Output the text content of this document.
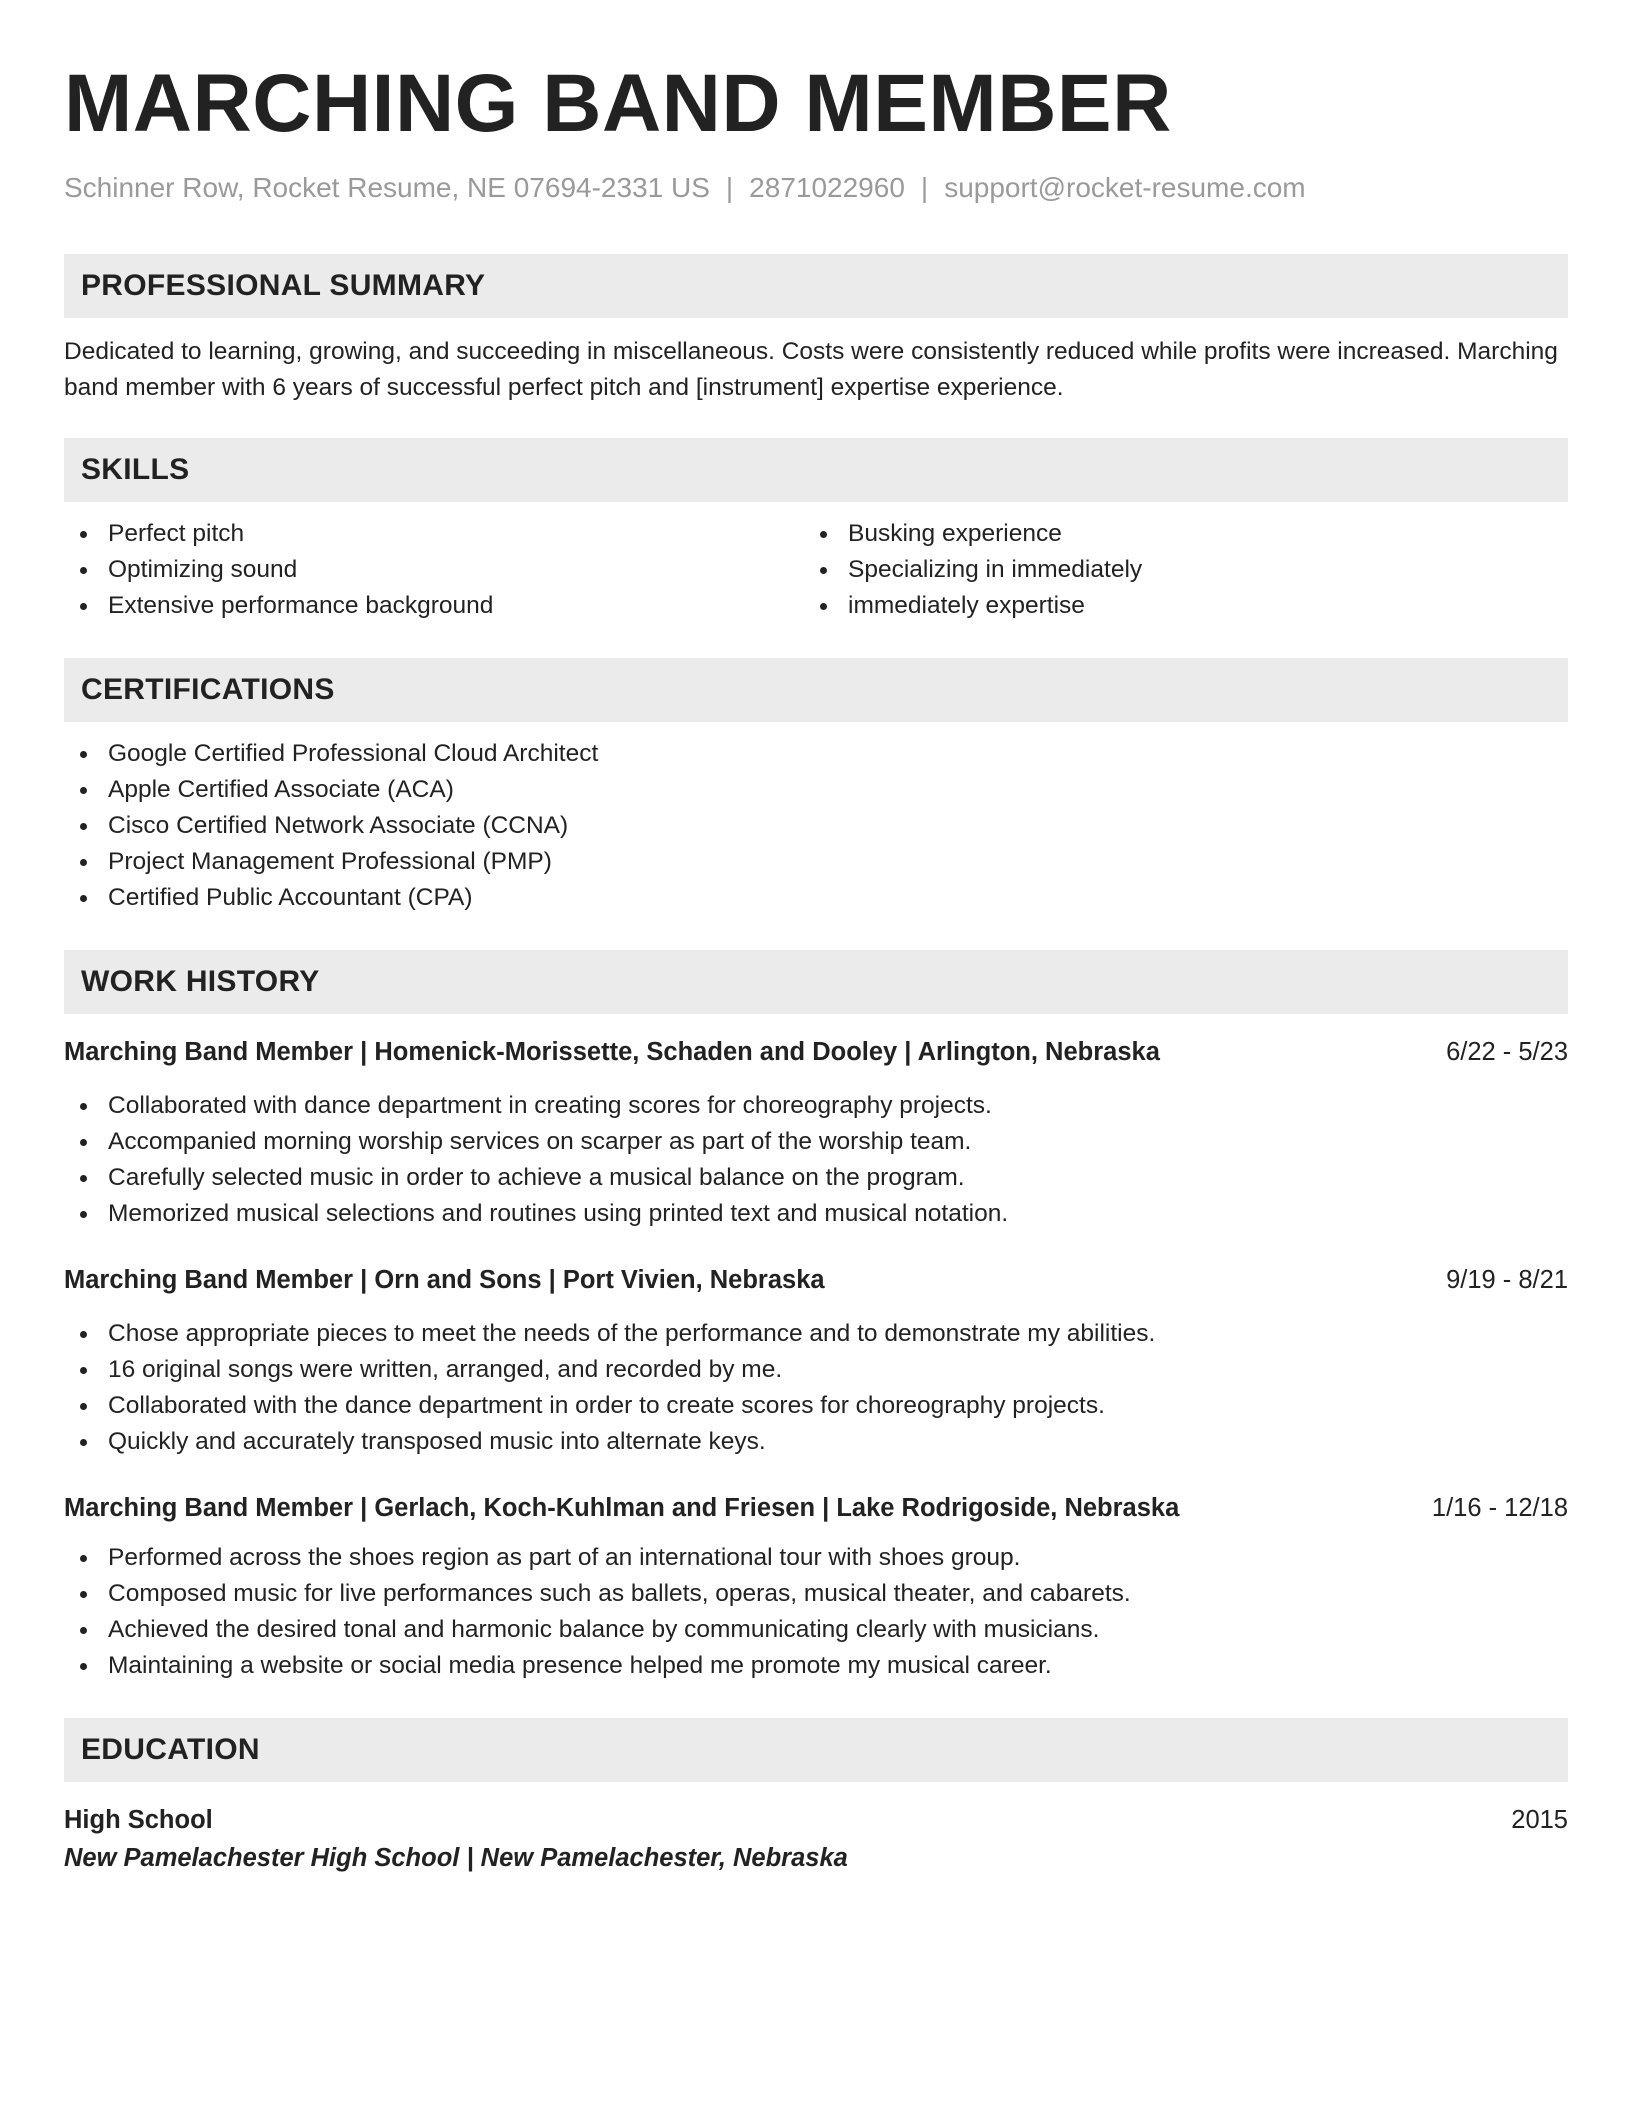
MARCHING BAND MEMBER
Schinner Row, Rocket Resume, NE 07694-2331 US | 2871022960 | support@rocket-resume.com
PROFESSIONAL SUMMARY

Dedicated to learning, growing, and succeeding in miscellaneous. Costs were consistently reduced while profits were increased. Marching band member with 6 years of successful perfect pitch and [instrument] expertise experience.

SKILLS
Perfect pitch
Optimizing sound
Extensive performance background
Busking experience
Specializing in immediately
immediately expertise
CERTIFICATIONS
Google Certified Professional Cloud Architect
Apple Certified Associate (ACA)
Cisco Certified Network Associate (CCNA)
Project Management Professional (PMP)
Certified Public Accountant (CPA)
WORK HISTORY
Marching Band Member | Homenick-Morissette, Schaden and Dooley | Arlington, Nebraska	6/22 - 5/23
Collaborated with dance department in creating scores for choreography projects.
Accompanied morning worship services on scarper as part of the worship team.
Carefully selected music in order to achieve a musical balance on the program.
Memorized musical selections and routines using printed text and musical notation.
Marching Band Member | Orn and Sons | Port Vivien, Nebraska	9/19 - 8/21
Chose appropriate pieces to meet the needs of the performance and to demonstrate my abilities.
16 original songs were written, arranged, and recorded by me.
Collaborated with the dance department in order to create scores for choreography projects.
Quickly and accurately transposed music into alternate keys.
Marching Band Member | Gerlach, Koch-Kuhlman and Friesen | Lake Rodrigoside, Nebraska	1/16 - 12/18
Performed across the shoes region as part of an international tour with shoes group.
Composed music for live performances such as ballets, operas, musical theater, and cabarets.
Achieved the desired tonal and harmonic balance by communicating clearly with musicians.
Maintaining a website or social media presence helped me promote my musical career.
EDUCATION
High School	2015
New Pamelachester High School | New Pamelachester, Nebraska
